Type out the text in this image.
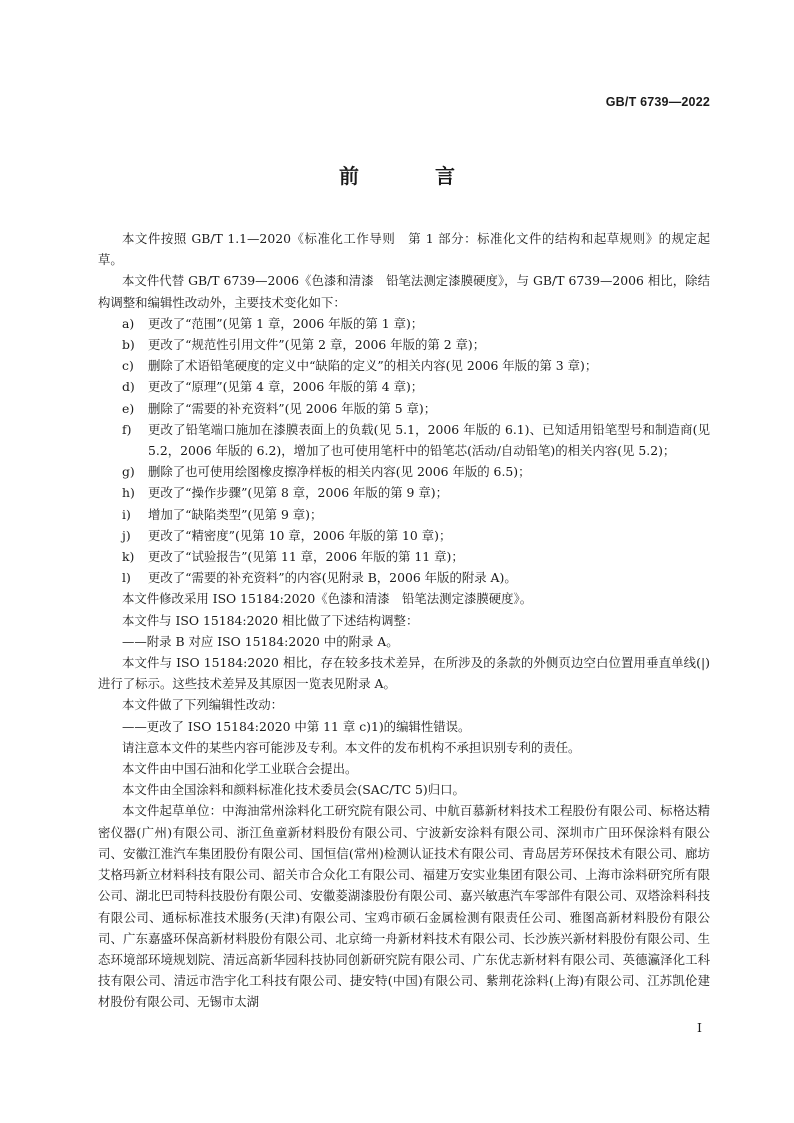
GB/T 6739—2022
前　言

本文件按照 GB/T 1.1—2020《标准化工作导则　第 1 部分：标准化文件的结构和起草规则》的规定起草。

本文件代替 GB/T 6739—2006《色漆和清漆　铅笔法测定漆膜硬度》，与 GB/T 6739—2006 相比，除结构调整和编辑性改动外，主要技术变化如下：

a)	更改了“范围”(见第 1 章，2006 年版的第 1 章)；
b)	更改了“规范性引用文件”(见第 2 章，2006 年版的第 2 章)；
c)	删除了术语铅笔硬度的定义中“缺陷的定义”的相关内容(见 2006 年版的第 3 章)；
d)	更改了“原理”(见第 4 章，2006 年版的第 4 章)；
e)	删除了“需要的补充资料”(见 2006 年版的第 5 章)；
f)	更改了铅笔端口施加在漆膜表面上的负载(见 5.1，2006 年版的 6.1)、已知适用铅笔型号和制造商(见 5.2，2006 年版的 6.2)，增加了也可使用笔杆中的铅笔芯(活动/自动铅笔)的相关内容(见 5.2)；
g)	删除了也可使用绘图橡皮擦净样板的相关内容(见 2006 年版的 6.5)；
h)	更改了“操作步骤”(见第 8 章，2006 年版的第 9 章)；
i)	增加了“缺陷类型”(见第 9 章)；
j)	更改了“精密度”(见第 10 章，2006 年版的第 10 章)；
k)	更改了“试验报告”(见第 11 章，2006 年版的第 11 章)；
l)	更改了“需要的补充资料”的内容(见附录 B，2006 年版的附录 A)。

本文件修改采用 ISO 15184:2020《色漆和清漆　铅笔法测定漆膜硬度》。

本文件与 ISO 15184:2020 相比做了下述结构调整：

——附录 B 对应 ISO 15184:2020 中的附录 A。

本文件与 ISO 15184:2020 相比，存在较多技术差异，在所涉及的条款的外侧页边空白位置用垂直单线(|)进行了标示。这些技术差异及其原因一览表见附录 A。

本文件做了下列编辑性改动：

——更改了 ISO 15184:2020 中第 11 章 c)1)的编辑性错误。

请注意本文件的某些内容可能涉及专利。本文件的发布机构不承担识别专利的责任。

本文件由中国石油和化学工业联合会提出。

本文件由全国涂料和颜料标准化技术委员会(SAC/TC 5)归口。

本文件起草单位：中海油常州涂料化工研究院有限公司、中航百慕新材料技术工程股份有限公司、标格达精密仪器(广州)有限公司、浙江鱼童新材料股份有限公司、宁波新安涂料有限公司、深圳市广田环保涂料有限公司、安徽江淮汽车集团股份有限公司、国恒信(常州)检测认证技术有限公司、青岛居芳环保技术有限公司、廊坊艾格玛新立材料科技有限公司、韶关市合众化工有限公司、福建万安实业集团有限公司、上海市涂料研究所有限公司、湖北巴司特科技股份有限公司、安徽菱湖漆股份有限公司、嘉兴敏惠汽车零部件有限公司、双塔涂料科技有限公司、通标标准技术服务(天津)有限公司、宝鸡市硕石金属检测有限责任公司、雅图高新材料股份有限公司、广东嘉盛环保高新材料股份有限公司、北京绮一舟新材料技术有限公司、长沙族兴新材料股份有限公司、生态环境部环境规划院、清远高新华园科技协同创新研究院有限公司、广东优志新材料有限公司、英德瀛泽化工科技有限公司、清远市浩宇化工科技有限公司、捷安特(中国)有限公司、紫荆花涂料(上海)有限公司、江苏凯伦建材股份有限公司、无锡市太湖

I
